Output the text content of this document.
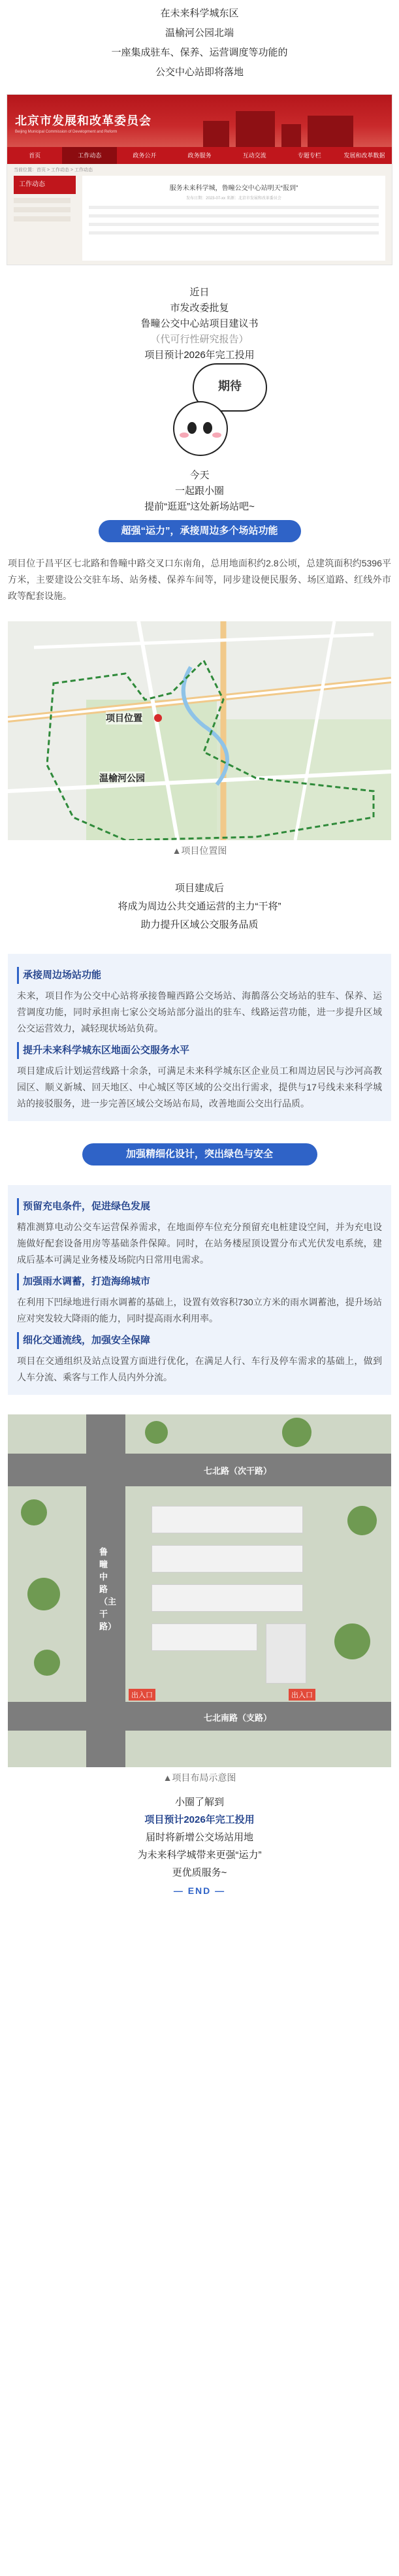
在未来科学城东区

温榆河公园北端

一座集成驻车、保养、运营调度等功能的

公交中心站即将落地

北京市发展和改革委员会
Beijing Municipal Commission of Development and Reform
首页	工作动态	政务公开	政务服务	互动交流	专题专栏	发展和改革数据
当前位置：首页 > 工作动态 > 工作动态
工作动态
服务未来科学城，鲁疃公交中心站明天“报到”
发布日期：2023-07-xx 来源：北京市发展和改革委员会

近日

市发改委批复

鲁疃公交中心站项目建议书

（代可行性研究报告）

项目预计2026年完工投用

期待

今天

一起跟小圈

提前“逛逛”这处新场站吧~

超强“运力”，承接周边多个场站功能
项目位于昌平区七北路和鲁疃中路交叉口东南角，总用地面积约2.8公顷，总建筑面积约5396平方米，主要建设公交驻车场、站务楼、保养车间等，同步建设便民服务、场区道路、红线外市政等配套设施。
项目位置
温榆河公园
▲项目位置图

项目建成后

将成为周边公共交通运营的主力“干将”

助力提升区域公交服务品质

承接周边场站功能
未来，项目作为公交中心站将承接鲁疃西路公交场站、海鶄落公交场站的驻车、保养、运营调度功能，同时承担南七家公交场站部分溢出的驻车、线路运营功能，进一步提升区域公交运营效力，减轻现状场站负荷。
提升未来科学城东区地面公交服务水平
项目建成后计划运营线路十余条，可满足未来科学城东区企业员工和周边居民与沙河高教园区、顺义新城、回天地区、中心城区等区域的公交出行需求，提供与17号线未来科学城站的接驳服务，进一步完善区域公交场站布局，改善地面公交出行品质。
加强精细化设计，突出绿色与安全
预留充电条件，促进绿色发展
精准测算电动公交车运营保养需求，在地面停车位充分预留充电桩建设空间，并为充电设施做好配套设备用房等基础条件保障。同时，在站务楼屋顶设置分布式光伏发电系统，建成后基本可满足业务楼及场院内日常用电需求。
加强雨水调蓄，打造海绵城市
在利用下凹绿地进行雨水调蓄的基础上，设置有效容积730立方米的雨水调蓄池，提升场站应对突发较大降雨的能力，同时提高雨水利用率。
细化交通流线，加强安全保障
项目在交通组织及站点设置方面进行优化，在满足人行、车行及停车需求的基础上，做到人车分流、乘客与工作人员内外分流。
七北路（次干路）
七北南路（支路）
鲁疃中路（主干路）
出入口	出入口
▲项目布局示意图

小圈了解到

项目预计2026年完工投用

届时将新增公交场站用地

为未来科学城带来更强“运力”

更优质服务~

— END —
